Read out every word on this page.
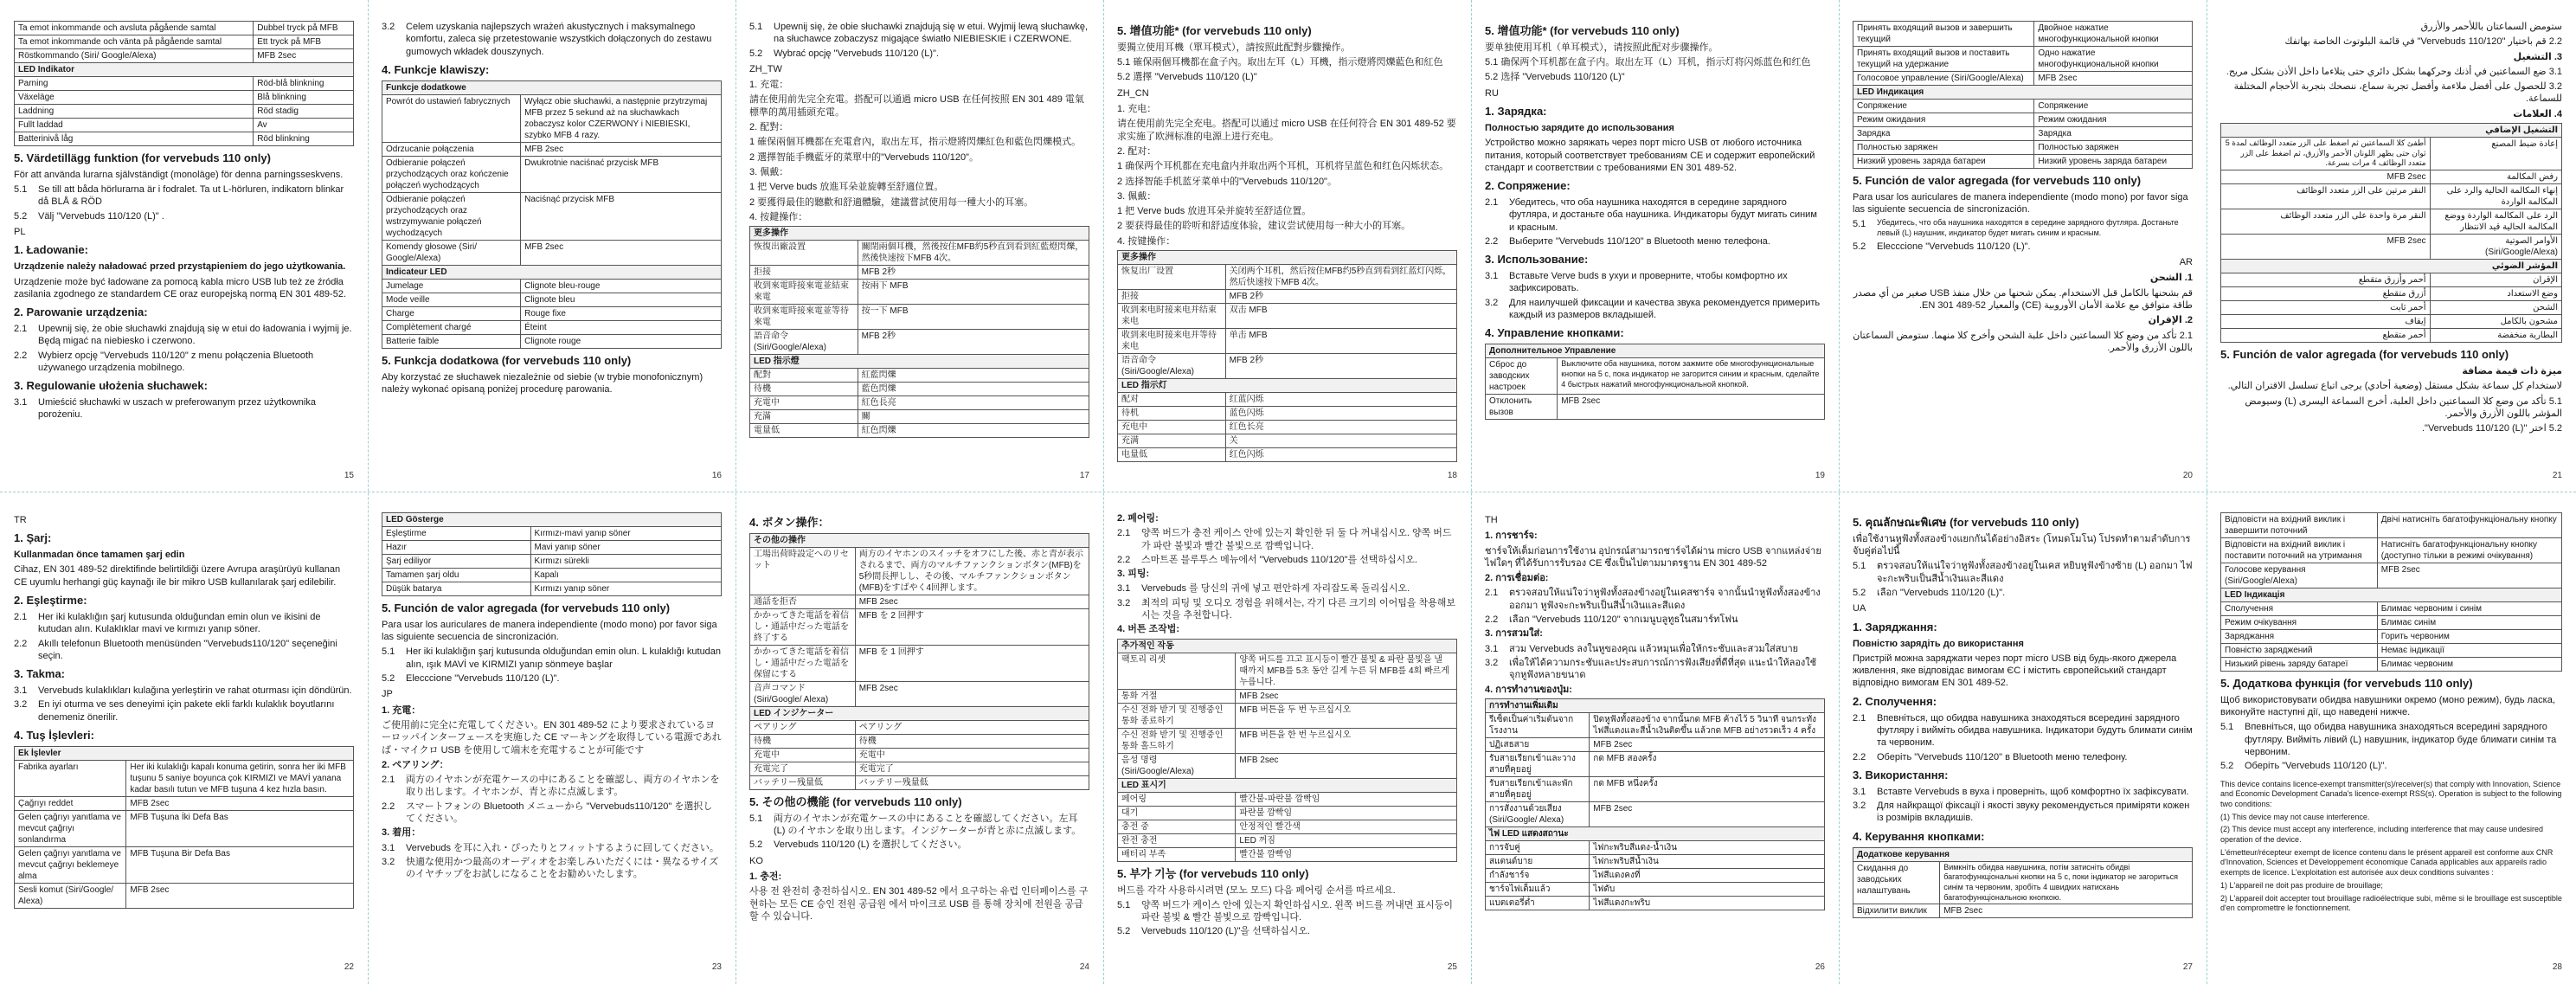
Ta emot inkommande och avsluta pågående samtal	Dubbel tryck på MFB
Ta emot inkommande och vänta på pågående samtal	Ett tryck på MFB
Röstkommando (Siri/ Google/Alexa)	MFB 2sec
LED Indikator	
Parning	Röd-blå blinkning
Växeläge	Blå blinkning
Laddning	Röd stadig
Fullt laddad	Av
Batterinivå låg	Röd blinkning
5. Värdetillägg funktion (for vervebuds 110 only)

För att använda lurarna självständigt (monoläge) för denna parningsseskvens.

5.1	Se till att båda hörlurarna är i fodralet. Ta ut L-hörluren, indikatorn blinkar då BLÅ & RÖD
5.2	Välj "Vervebuds 110/120 (L)" .
PL
1. Ładowanie:

Urządzenie należy naładować przed przystąpieniem do jego użytkowania.

Urządzenie może być ładowane za pomocą kabla micro USB lub też ze źródła zasilania zgodnego ze standardem CE oraz europejską normą EN 301 489-52.

2. Parowanie urządzenia:
2.1	Upewnij się, że obie słuchawki znajdują się w etui do ładowania i wyjmij je. Będą migać na niebiesko i czerwono.
2.2	Wybierz opcję "Vervebuds 110/120" z menu połączenia Bluetooth używanego urządzenia mobilnego.
3. Regulowanie ułożenia słuchawek:
3.1	Umieścić słuchawki w uszach w preferowanym przez użytkownika porożeniu.
15
3.2	Celem uzyskania najlepszych wrażeń akustycznych i maksymalnego komfortu, zaleca się przetestowanie wszystkich dołączonych do zestawu gumowych wkładek douszynych.
4. Funkcje klawiszy:
Funkcje dodatkowe	
Powrót do ustawień fabrycznych	Wyłącz obie słuchawki, a następnie przytrzymaj MFB przez 5 sekund aż na słuchawkach zobaczysz kolor CZERWONY i NIEBIESKI, szybko MFB 4 razy.
Odrzucanie połączenia	MFB 2sec
Odbieranie połączeń przychodzących oraz kończenie połączeń wychodzących	Dwukrotnie naciśnać przycisk MFB
Odbieranie połączeń przychodzących oraz wstrzymywanie połączeń wychodzących	Naciśnąć przycisk MFB
Komendy głosowe (Siri/ Google/Alexa)	MFB 2sec
Indicateur LED	
Jumelage	Clignote bleu-rouge
Mode veille	Clignote bleu
Charge	Rouge fixe
Complètement chargé	Éteint
Batterie faible	Clignote rouge
5. Funkcja dodatkowa (for vervebuds 110 only)

Aby korzystać ze słuchawek niezależnie od siebie (w trybie monofonicznym) należy wykonać opisaną poniżej procedurę parowania.

16
5.1	Upewnij się, że obie słuchawki znajdują się w etui. Wyjmij lewą słuchawkę, na słuchawce zobaczysz migające światło NIEBIESKIE i CZERWONE.
5.2	Wybrać opcję "Vervebuds 110/120 (L)".
ZH_TW

1. 充電：

請在使用前先完全充電。搭配可以通過 micro USB 在任何按照 EN 301 489 電氣標準的萬用插頭充電。

2. 配對：

1 確保兩個耳機都在充電倉內，取出左耳，指示燈將閃爍紅色和藍色閃爍模式。

2 選擇智能手機藍牙的菜單中的"Vervebuds 110/120"。

3. 佩戴：

1 把 Verve buds 放進耳朵並旋轉至舒適位置。

2 要獲得最佳的聽歡和舒適體驗，建議嘗試使用每一種大小的耳塞。

4. 按鍵操作：

更多操作	
恢復出廠設置	關閉兩個耳機，然後按住MFB約5秒直到看到紅藍燈閃爍，然後快速按下MFB 4次。
拒接	MFB 2秒
收到來電時接來電並結束來電	按兩下 MFB
收到來電時接來電並等待來電	按一下 MFB
語音命令 (Siri/Google/Alexa)	MFB 2秒
LED 指示燈	
配對	紅藍閃爍
待機	藍色閃爍
充電中	紅色長亮
充滿	關
電量低	紅色閃爍
17
5. 增值功能* (for vervebuds 110 only)

要獨立使用耳機（單耳模式），請按照此配對步驟操作。

5.1 確保兩個耳機都在盒子內。取出左耳（L）耳機，指示燈將閃爍藍色和紅色

5.2 選擇 "Vervebuds 110/120 (L)"

ZH_CN

1. 充电：

请在使用前先完全充电。搭配可以通过 micro USB 在任何符合 EN 301 489-52 要求实施了欧洲标准的电源上进行充电。

2. 配对：

1 确保两个耳机都在充电盒内并取出两个耳机，耳机将呈蓝色和红色闪烁状态。

2 选择智能手机蓝牙菜单中的"Vervebuds 110/120"。

3. 佩戴：

1 把 Verve buds 放进耳朵并旋转至舒适位置。

2 要获得最佳的聆听和舒适度体验，建议尝试使用每一种大小的耳塞。

4. 按键操作：

更多操作	
恢复出厂设置	关闭两个耳机，然后按住MFB约5秒直到看到红蓝灯闪烁，然后快速按下MFB 4次。
拒接	MFB 2秒
收到来电时接来电并结束来电	双击 MFB
收到来电时接来电并等待来电	单击 MFB
语音命令 (Siri/Google/Alexa)	MFB 2秒
LED 指示灯	
配对	红蓝闪烁
待机	蓝色闪烁
充电中	红色长亮
充满	关
电量低	红色闪烁
18
5. 增值功能* (for vervebuds 110 only)

要单独使用耳机（单耳模式），请按照此配对步骤操作。

5.1 确保两个耳机都在盒子内。取出左耳（L）耳机，指示灯将闪烁蓝色和红色

5.2 选择 "Vervebuds 110/120 (L)"

RU
1. Зарядка:

Полностью зарядите до использования

Устройство можно заряжать через порт micro USB от любого источника питания, который соответствует требованиям CE и содержит европейский стандарт и соответствии с требованиями EN 301 489-52.

2. Сопряжение:
2.1	Убедитесь, что оба наушника находятся в середине зарядного футляра, и достаньте оба наушника. Индикаторы будут мигать синим и красным.
2.2	Выберите "Vervebuds 110/120" в Bluetooth меню телефона.
3. Использование:
3.1	Вставьте Verve buds в ухуи и проверните, чтобы комфортно их зафиксировать.
3.2	Для наилучшей фиксации и качества звука рекомендуется примерить каждый из размеров вкладышей.
4. Управление кнопками:
Дополнительное Управление	
Сброс до заводских настроек	Выключите оба наушника, потом зажмите обе многофункциональные кнопки на 5 с, пока индикатор не загорится синим и красным, сделайте 4 быстрых нажатий многофункциональной кнопкой.
Отклонить вызов	MFB 2sec
19
Принять входящий вызов и завершить текущий	Двойное нажатие многофункциональной кнопки
Принять входящий вызов и поставить текущий на удержание	Одно нажатие многофункциональной кнопки
Голосовое управление (Siri/Google/Alexa)	MFB 2sec
LED Индикация	
Сопряжение	Сопряжение
Режим ожидания	Режим ожидания
Зарядка	Зарядка
Полностью заряжен	Полностью заряжен
Низкий уровень заряда батареи	Низкий уровень заряда батареи
5. Función de valor agregada (for vervebuds 110 only)

Para usar los auriculares de manera independiente (modo mono) por favor siga las siguiente secuencia de sincronización.

5.1	Убедитесь, что оба наушника находятся в середине зарядного футляра. Достаньте левый (L) наушник, индикатор будет мигать синим и красным.
5.2	Elecccione "Vervebuds 110/120 (L)".
AR

1. الشحن

قم بشحنها بالكامل قبل الاستخدام. يمكن شحنها من خلال منفذ USB صغير من أي مصدر طاقة متوافق مع علامة الأمان الأوروبية (CE) والمعيار EN 301 489-52.

2. الإقران

2.1 تأكد من وضع كلا السماعتين داخل علبة الشحن وأخرج كلا منهما. ستومض السماعتان باللون الأزرق والأحمر.

20

ستومض السماعتان باللأحمر والأزرق

2.2 قم باختيار "Vervebuds 110/120" في قائمة البلوتوث الخاصة بهاتفك

3. التشغيل

3.1 ضع السماعتين في أذنك وحركهما بشكل دائري حتى يتلاءما داخل الأذن بشكل مريح.

3.2 للحصول على أفضل ملاءمة وأفضل تجربة سماع، ننصحك بتجربة الأحجام المختلفة للسماعة.

4. العلامات

التشغيل الإضافي	
إعادة ضبط المصنع	أطفئ كلا السماعتين ثم اضغط على الزر متعدد الوظائف لمدة 5 ثوان حتى يظهر اللونان الأحمر والأزرق، ثم اضغط على الزر متعدد الوظائف 4 مرات بسرعة.
رفض المكالمة	MFB 2sec
إنهاء المكالمة الحالية والرد على المكالمة الواردة	النقر مرتين على الزر متعدد الوظائف
الرد على المكالمة الواردة ووضع المكالمة الحالية قيد الانتظار	النقر مرة واحدة على الزر متعدد الوظائف
الأوامر الصوتية (Siri/Google/Alexa)	MFB 2sec
المؤشر الضوئي	
الإقران	أحمر وأزرق متقطع
وضع الاستعداد	أزرق متقطع
الشحن	أحمر ثابت
مشحون بالكامل	إيقاف
البطارية منخفضة	أحمر متقطع
5. Función de valor agregada (for vervebuds 110 only)

ميزة ذات قيمة مضافة

لاستخدام كل سماعة بشكل مستقل (وضعية أحادي) يرجى اتباع تسلسل الاقتران التالي.

5.1 تأكد من وضع كلا السماعتين داخل العلبة، أخرج السماعة اليسرى (L) وسيومض المؤشر باللون الأزرق والأحمر.

5.2 اختر "Vervebuds 110/120 (L)".

21
TR
1. Şarj:

Kullanmadan önce tamamen şarj edin

Cihaz, EN 301 489-52 direktifinde belirtildiği üzere Avrupa araşürüyü kullanan CE uyumlu herhangi güç kaynağı ile bir mikro USB kullanılarak şarj edilebilir.

2. Eşleştirme:
2.1	Her iki kulaklığın şarj kutusunda olduğundan emin olun ve ikisini de kutudan alın. Kulaklıklar mavi ve kırmızı yanıp söner.
2.2	Akıllı telefonun Bluetooth menüsünden "Vervebuds110/120" seçeneğini seçin.
3. Takma:
3.1	Vervebuds kulaklıkları kulağına yerleştirin ve rahat oturması için döndürün.
3.2	En iyi oturma ve ses deneyimi için pakete ekli farklı kulaklık boyutlarını denemeniz önerilir.
4. Tuş İşlevleri:
Ek İşlevler	
Fabrika ayarları	Her iki kulaklığı kapalı konuma getirin, sonra her iki MFB tuşunu 5 saniye boyunca çok KIRMIZI ve MAVİ yanana kadar basılı tutun ve MFB tuşuna 4 kez hızla basın.
Çağrıyı reddet	MFB 2sec
Gelen çağrıyı yanıtlama ve mevcut çağrıyı sonlandırma	MFB Tuşuna İki Defa Bas
Gelen çağrıyı yanıtlama ve mevcut çağrıyı beklemeye alma	MFB Tuşuna Bir Defa Bas
Sesli komut (Siri/Google/ Alexa)	MFB 2sec
22
LED Gösterge	
Eşleştirme	Kırmızı-mavi yanıp söner
Hazır	Mavi yanıp söner
Şarj ediliyor	Kırmızı sürekli
Tamamen şarj oldu	Kapalı
Düşük batarya	Kırmızı yanıp söner
5. Función de valor agregada (for vervebuds 110 only)

Para usar los auriculares de manera independiente (modo mono) por favor siga las siguiente secuencia de sincronización.

5.1	Her iki kulaklığın şarj kutusunda olduğundan emin olun. L kulaklığı kutudan alın, ışık MAVİ ve KIRMIZI yanıp sönmeye başlar
5.2	Elecccione "Vervebuds 110/120 (L)".
JP

1. 充電：

ご使用前に完全に充電してください。EN 301 489-52 により要求されているヨーロッパインターフェースを実施した CE マーキングを取得している電源であれば・マイクロ USB を使用して端末を充電することが可能です

2. ペアリング：

2.1	両方のイヤホンが充電ケースの中にあることを確認し、両方のイヤホンを取り出します。イヤホンが、青と赤に点滅します。
2.2	スマートフォンの Bluetooth メニューから "Vervebuds110/120" を選択してください。

3. 着用：

3.1	Vervebuds を耳に入れ・ぴったりとフィットするように回してください。
3.2	快適な使用かつ最高のオーディオをお楽しみいただくには・異なるサイズのイヤチップをお試しになることをお勧めいたします。
23
4. ボタン操作：
その他の操作	
工場出荷時設定へのリセット	両方のイヤホンのスイッチをオフにした後、赤と青が表示されるまで、両方のマルチファンクションボタン(MFB)を5秒間長押しし、その後、マルチファンクションボタン(MFB)をすばやく4回押します。
通話を拒否	MFB 2sec
かかってきた電話を着信し・通話中だった電話を終了する	MFB を 2 回押す
かかってきた電話を着信し・通話中だった電話を保留にする	MFB を 1 回押す
音声コマンド (Siri/Google/ Alexa)	MFB 2sec
LED インジケーター	
ペアリング	ペアリング
待機	待機
充電中	充電中
充電完了	充電完了
バッテリー残量低	バッテリー残量低
5. その他の機能 (for vervebuds 110 only)
5.1	両方のイヤホンが充電ケースの中にあることを確認してください。左耳 (L) のイヤホンを取り出します。インジケーターが青と赤に点滅します。
5.2	Vervebuds 110/120 (L) を選択してください。
KO

1. 충전:

사용 전 완전히 충전하십시오. EN 301 489-52 에서 요구하는 유럽 인터페이스를 구현하는 모든 CE 승인 전원 공급원 에서 마이크로 USB 를 통해 장치에 전원을 공급할 수 있습니다.

24

2. 페어링:

2.1	양쪽 버드가 충전 케이스 안에 있는지 확인한 뒤 둘 다 꺼내십시오. 양쪽 버드가 파란 불빛과 빨간 불빛으로 깜빡입니다.
2.2	스마트폰 블루투스 메뉴에서 "Vervebuds 110/120"를 선택하십시오.

3. 피팅:

3.1	Vervebuds 를 당신의 귀에 넣고 편안하게 자리잡도록 돌리십시오.
3.2	최적의 피팅 및 오디오 경험을 위해서는, 각기 다른 크기의 이어팁을 착용해보시는 것을 추천합니다.

4. 버튼 조작법:

추가적인 작동	
팩토리 리셋	양쪽 버드를 끄고 표시등이 빨간 불빛 & 파란 불빛을 낼 때까지 MFB를 5초 동안 길게 누른 뒤 MFB를 4회 빠르게 누릅니다.
통화 거절	MFB 2sec
수신 전화 받기 및 진행중인 통화 종료하기	MFB 버튼을 두 번 누르십시오
수신 전화 받기 및 진행중인 통화 홀드하기	MFB 버튼을 한 번 누르십시오
음성 명령 (Siri/Google/Alexa)	MFB 2sec
LED 표시기	
페어링	빨간불-파란불 깜빡임
대기	파란불 깜빡임
충전 중	안정적인 빨간색
완전 충전	LED 꺼짐
배터리 부족	빨간불 깜빡임
5. 부가 기능 (for vervebuds 110 only)

버드를 각각 사용하시려면 (모노 모드) 다음 페어링 순서를 따르세요.

5.1	양쪽 버드가 케이스 안에 있는지 확인하십시오. 왼쪽 버드를 꺼내면 표시등이 파란 불빛 & 빨간 불빛으로 깜빡입니다.
5.2	Vervebuds 110/120 (L)"을 선택하십시오.
25
TH

1. การชาร์จ:

ชาร์จให้เต็มก่อนการใช้งาน อุปกรณ์สามารถชาร์จได้ผ่าน micro USB จากแหล่งจ่ายไฟใดๆ ที่ได้รับการรับรอง CE ซึ่งเป็นไปตามมาตรฐาน EN 301 489-52

2. การเชื่อมต่อ:

2.1	ตรวจสอบให้แน่ใจว่าหูฟังทั้งสองข้างอยู่ในเคสชาร์จ จากนั้นนำหูฟังทั้งสองข้างออกมา หูฟังจะกะพริบเป็นสีน้ำเงินและสีแดง
2.2	เลือก "Vervebuds 110/120" จากเมนูบลูทูธในสมาร์ทโฟน

3. การสวมใส่:

3.1	สวม Vervebuds ลงในหูของคุณ แล้วหมุนเพื่อให้กระชับและสวมใส่สบาย
3.2	เพื่อให้ได้ความกระชับและประสบการณ์การฟังเสียงที่ดีที่สุด แนะนำให้ลองใช้จุกหูฟังหลายขนาด

4. การทำงานของปุ่ม:

การทำงานเพิ่มเติม	
รีเซ็ตเป็นค่าเริ่มต้นจากโรงงาน	ปิดหูฟังทั้งสองข้าง จากนั้นกด MFB ค้างไว้ 5 วินาที จนกระทั่งไฟสีแดงและสีน้ำเงินติดขึ้น แล้วกด MFB อย่างรวดเร็ว 4 ครั้ง
ปฏิเสธสาย	MFB 2sec
รับสายเรียกเข้าและวางสายที่คุยอยู่	กด MFB สองครั้ง
รับสายเรียกเข้าและพักสายที่คุยอยู่	กด MFB หนึ่งครั้ง
การสั่งงานด้วยเสียง (Siri/Google/ Alexa)	MFB 2sec
ไฟ LED แสดงสถานะ	
การจับคู่	ไฟกะพริบสีแดง-น้ำเงิน
สแตนด์บาย	ไฟกะพริบสีน้ำเงิน
กำลังชาร์จ	ไฟสีแดงคงที่
ชาร์จไฟเต็มแล้ว	ไฟดับ
แบตเตอรี่ต่ำ	ไฟสีแดงกะพริบ
26
5. คุณลักษณะพิเศษ (for vervebuds 110 only)

เพื่อใช้งานหูฟังทั้งสองข้างแยกกันได้อย่างอิสระ (โหมดโมโน) โปรดทำตามลำดับการจับคู่ต่อไปนี้

5.1	ตรวจสอบให้แน่ใจว่าหูฟังทั้งสองข้างอยู่ในเคส หยิบหูฟังข้างซ้าย (L) ออกมา ไฟจะกะพริบเป็นสีน้ำเงินและสีแดง
5.2	เลือก "Vervebuds 110/120 (L)".
UA
1. Заряджання:

Повністю зарядіть до використання

Пристрій можна заряджати через порт micro USB від будь-якого джерела живлення, яке відповідає вимогам ЄС і містить європейський стандарт відповідно вимогам EN 301 489-52.

2. Сполучення:
2.1	Впевніться, що обидва навушника знаходяться всередині зарядного футляру і вийміть обидва навушника. Індикатори будуть блимати синім та червоним.
2.2	Оберіть "Vervebuds 110/120" в Bluetooth меню телефону.
3. Використання:
3.1	Вставте Vervebuds в вуха і проверніть, щоб комфортно їх зафіксувати.
3.2	Для найкращої фіксації і якості звуку рекомендується приміряти кожен із розмірів вкладишів.
4. Керування кнопками:
Додаткове керування	
Скидання до заводських налаштувань	Вимкніть обидва навушника, потім затисніть обидві багатофункціональні кнопки на 5 с, поки індикатор не загориться синім та червоним, зробіть 4 швидких натискань багатофункціональною кнопкою.
Відхилити виклик	MFB 2sec
27
Відповісти на вхідний виклик і завершити поточний	Двічі натисніть багатофункціональну кнопку
Відповісти на вхідний виклик і поставити поточний на утримання	Натисніть багатофункціональну кнопку (доступно тільки в режимі очікування)
Голосове керування (Siri/Google/Alexa)	MFB 2sec
LED Індикація	
Сполучення	Блимає червоним і синім
Режим очікування	Блимає синім
Заряджання	Горить червоним
Повністю заряджений	Немає індикації
Низький рівень заряду батареї	Блимає червоним
5. Додаткова функція (for vervebuds 110 only)

Щоб використовувати обидва навушники окремо (моно режим), будь ласка, виконуйте наступні дії, що наведені нижче.

5.1	Впевніться, що обидва навушника знаходяться всередині зарядного футляру. Вийміть лівий (L) навушник, індикатор буде блимати синім та червоним.
5.2	Оберіть "Vervebuds 110/120 (L)".

This device contains licence-exempt transmitter(s)/receiver(s) that comply with Innovation, Science and Economic Development Canada's licence-exempt RSS(s). Operation is subject to the following two conditions:

(1) This device may not cause interference.

(2) This device must accept any interference, including interference that may cause undesired operation of the device.

L'émetteur/récepteur exempt de licence contenu dans le présent appareil est conforme aux CNR d'Innovation, Sciences et Développement économique Canada applicables aux appareils radio exempts de licence. L'exploitation est autorisée aux deux conditions suivantes :

1) L'appareil ne doit pas produire de brouillage;

2) L'appareil doit accepter tout brouillage radioélectrique subi, même si le brouillage est susceptible d'en compromettre le fonctionnement.

28
